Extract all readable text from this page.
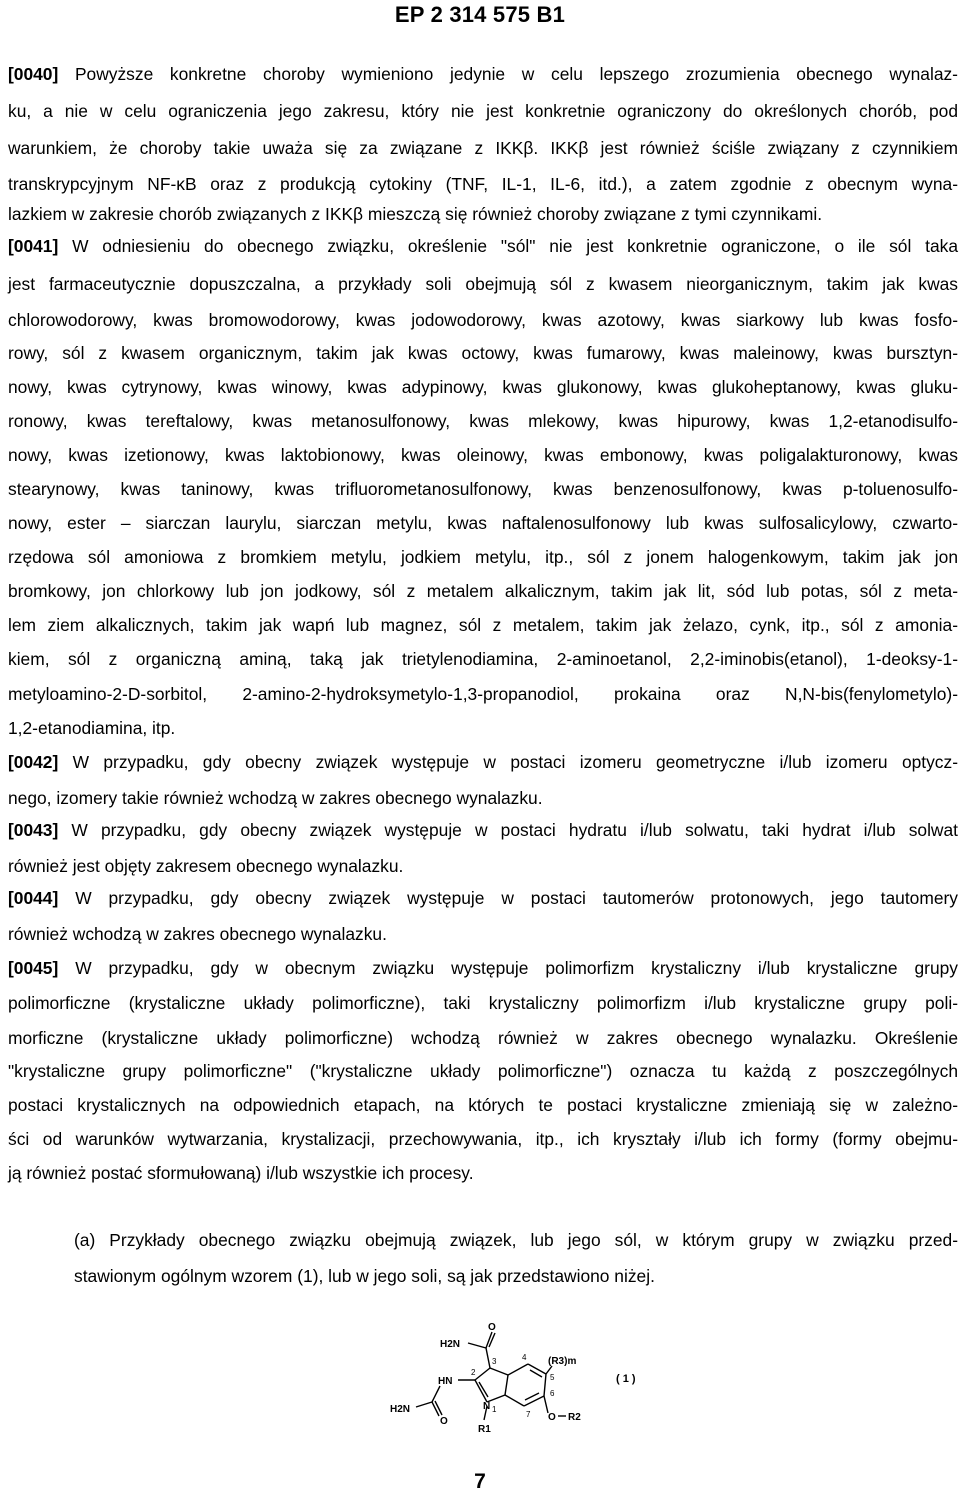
EP 2 314 575 B1
[0040] Powyższe konkretne choroby wymieniono jedynie w celu lepszego zrozumienia obecnego wynalaz-
ku, a nie w celu ograniczenia jego zakresu, który nie jest konkretnie ograniczony do określonych chorób, pod
warunkiem, że choroby takie uważa się za związane z IKKβ. IKKβ jest również ściśle związany z czynnikiem
transkrypcyjnym NF-κB oraz z produkcją cytokiny (TNF, IL-1, IL-6, itd.), a zatem zgodnie z obecnym wyna-
lazkiem w zakresie chorób związanych z IKKβ mieszczą się również choroby związane z tymi czynnikami.
[0041] W odniesieniu do obecnego związku, określenie "sól" nie jest konkretnie ograniczone, o ile sól taka
jest farmaceutycznie dopuszczalna, a przykłady soli obejmują sól z kwasem nieorganicznym, takim jak kwas
chlorowodorowy, kwas bromowodorowy, kwas jodowodorowy, kwas azotowy, kwas siarkowy lub kwas fosfo-
rowy, sól z kwasem organicznym, takim jak kwas octowy, kwas fumarowy, kwas maleinowy, kwas bursztyn-
nowy, kwas cytrynowy, kwas winowy, kwas adypinowy, kwas glukonowy, kwas glukoheptanowy, kwas gluku-
ronowy, kwas tereftalowy, kwas metanosulfonowy, kwas mlekowy, kwas hipurowy, kwas 1,2-etanodisulfo-
nowy, kwas izetionowy, kwas laktobionowy, kwas oleinowy, kwas embonowy, kwas poligalakturonowy, kwas
stearynowy, kwas taninowy, kwas trifluorometanosulfonowy, kwas benzenosulfonowy, kwas p-toluenosulfo-
nowy, ester – siarczan laurylu, siarczan metylu, kwas naftalenosulfonowy lub kwas sulfosalicylowy, czwarto-
rzędowa sól amoniowa z bromkiem metylu, jodkiem metylu, itp., sól z jonem halogenkowym, takim jak jon
bromkowy, jon chlorkowy lub jon jodkowy, sól z metalem alkalicznym, takim jak lit, sód lub potas, sól z meta-
lem ziem alkalicznych, takim jak wapń lub magnez, sól z metalem, takim jak żelazo, cynk, itp., sól z amonia-
kiem, sól z organiczną aminą, taką jak trietylenodiamina, 2-aminoetanol, 2,2-iminobis(etanol), 1-deoksy-1-
metyloamino-2-D-sorbitol, 2-amino-2-hydroksymetylo-1,3-propanodiol, prokaina oraz N,N-bis(fenylometylo)-
1,2-etanodiamina, itp.
[0042] W przypadku, gdy obecny związek występuje w postaci izomeru geometryczne i/lub izomeru optycz-
nego, izomery takie również wchodzą w zakres obecnego wynalazku.
[0043] W przypadku, gdy obecny związek występuje w postaci hydratu i/lub solwatu, taki hydrat i/lub solwat
również jest objęty zakresem obecnego wynalazku.
[0044] W przypadku, gdy obecny związek występuje w postaci tautomerów protonowych, jego tautomery
również wchodzą w zakres obecnego wynalazku.
[0045] W przypadku, gdy w obecnym związku występuje polimorfizm krystaliczny i/lub krystaliczne grupy
polimorficzne (krystaliczne układy polimorficzne), taki krystaliczny polimorfizm i/lub krystaliczne grupy poli-
morficzne (krystaliczne układy polimorficzne) wchodzą również w zakres obecnego wynalazku. Określenie
"krystaliczne grupy polimorficzne" ("krystaliczne układy polimorficzne") oznacza tu każdą z poszczególnych
postaci krystalicznych na odpowiednich etapach, na których te postaci krystaliczne zmieniają się w zależno-
ści od warunków wytwarzania, krystalizacji, przechowywania, itp., ich kryształy i/lub ich formy (formy obejmu-
ją również postać sformułowaną) i/lub wszystkie ich procesy.
(a) Przykłady obecnego związku obejmują związek, lub jego sól, w którym grupy w związku przed-
stawionym ogólnym wzorem (1), lub w jego soli, są jak przedstawiono niżej.
H2N
O
HN
H2N
O
N
R1
(R3)m
O R2
1
2
3	4
5
6
7
( 1 )
7
